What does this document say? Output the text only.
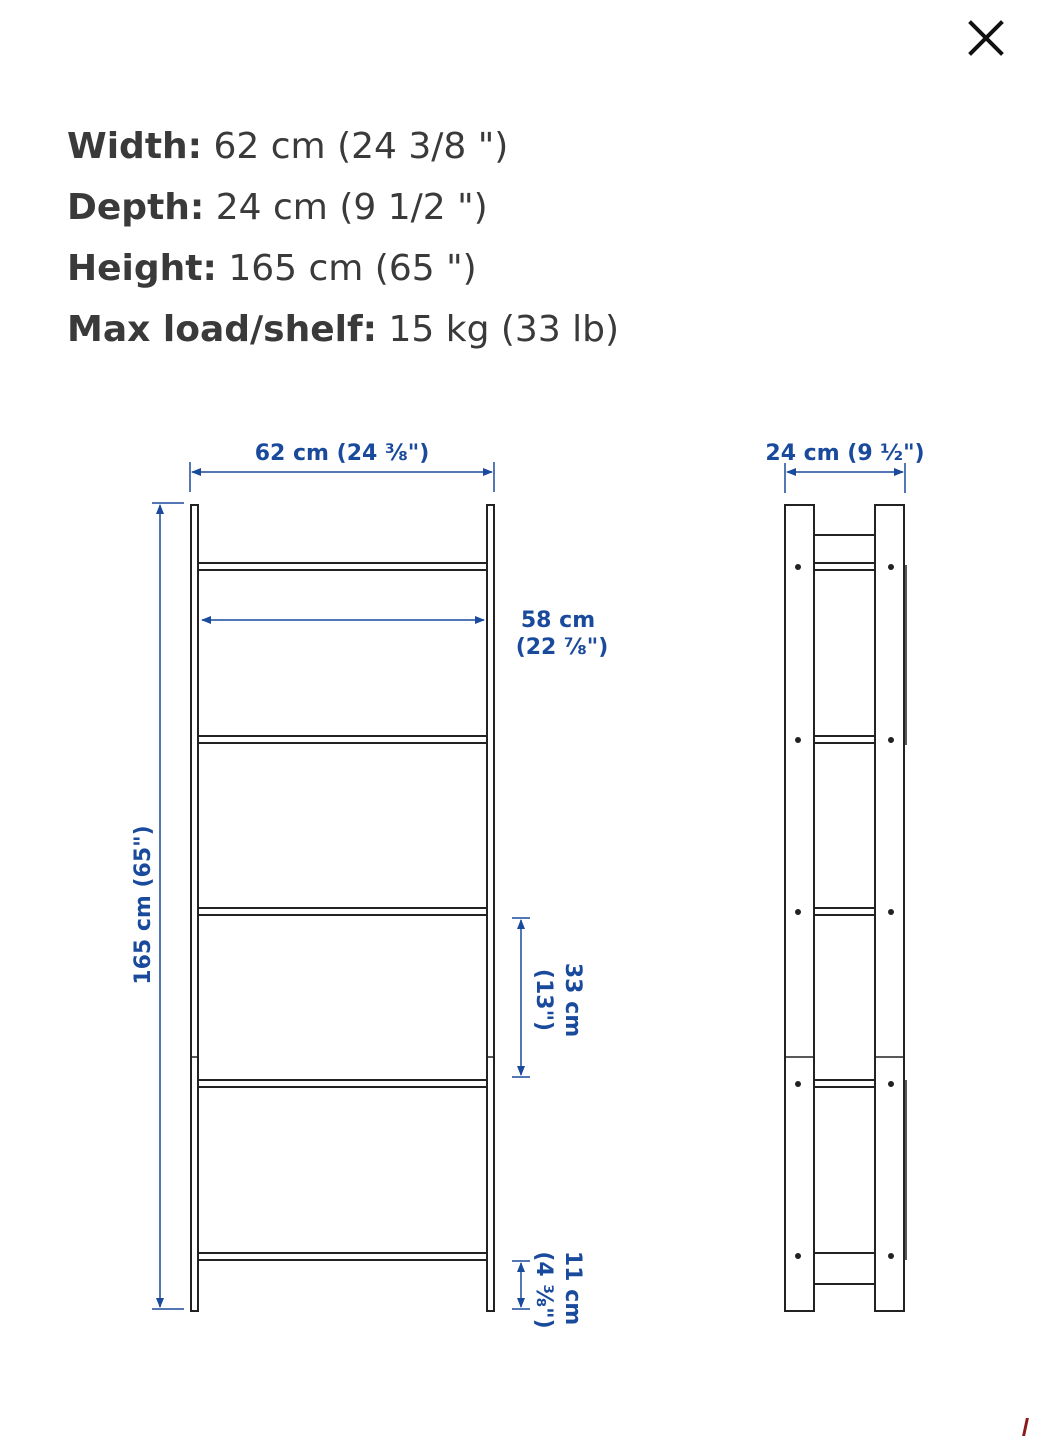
Width: 62 cm (24 3/8 ")
Depth: 24 cm (9 1/2 ")
Height: 165 cm (65 ")
Max load/shelf: 15 kg (33 lb)
62 cm (24 ⅜")
58 cm
(22 ⅞")
165 cm (65")
33 cm
(13")
11 cm
(4 ⅜")
24 cm (9 ½")
